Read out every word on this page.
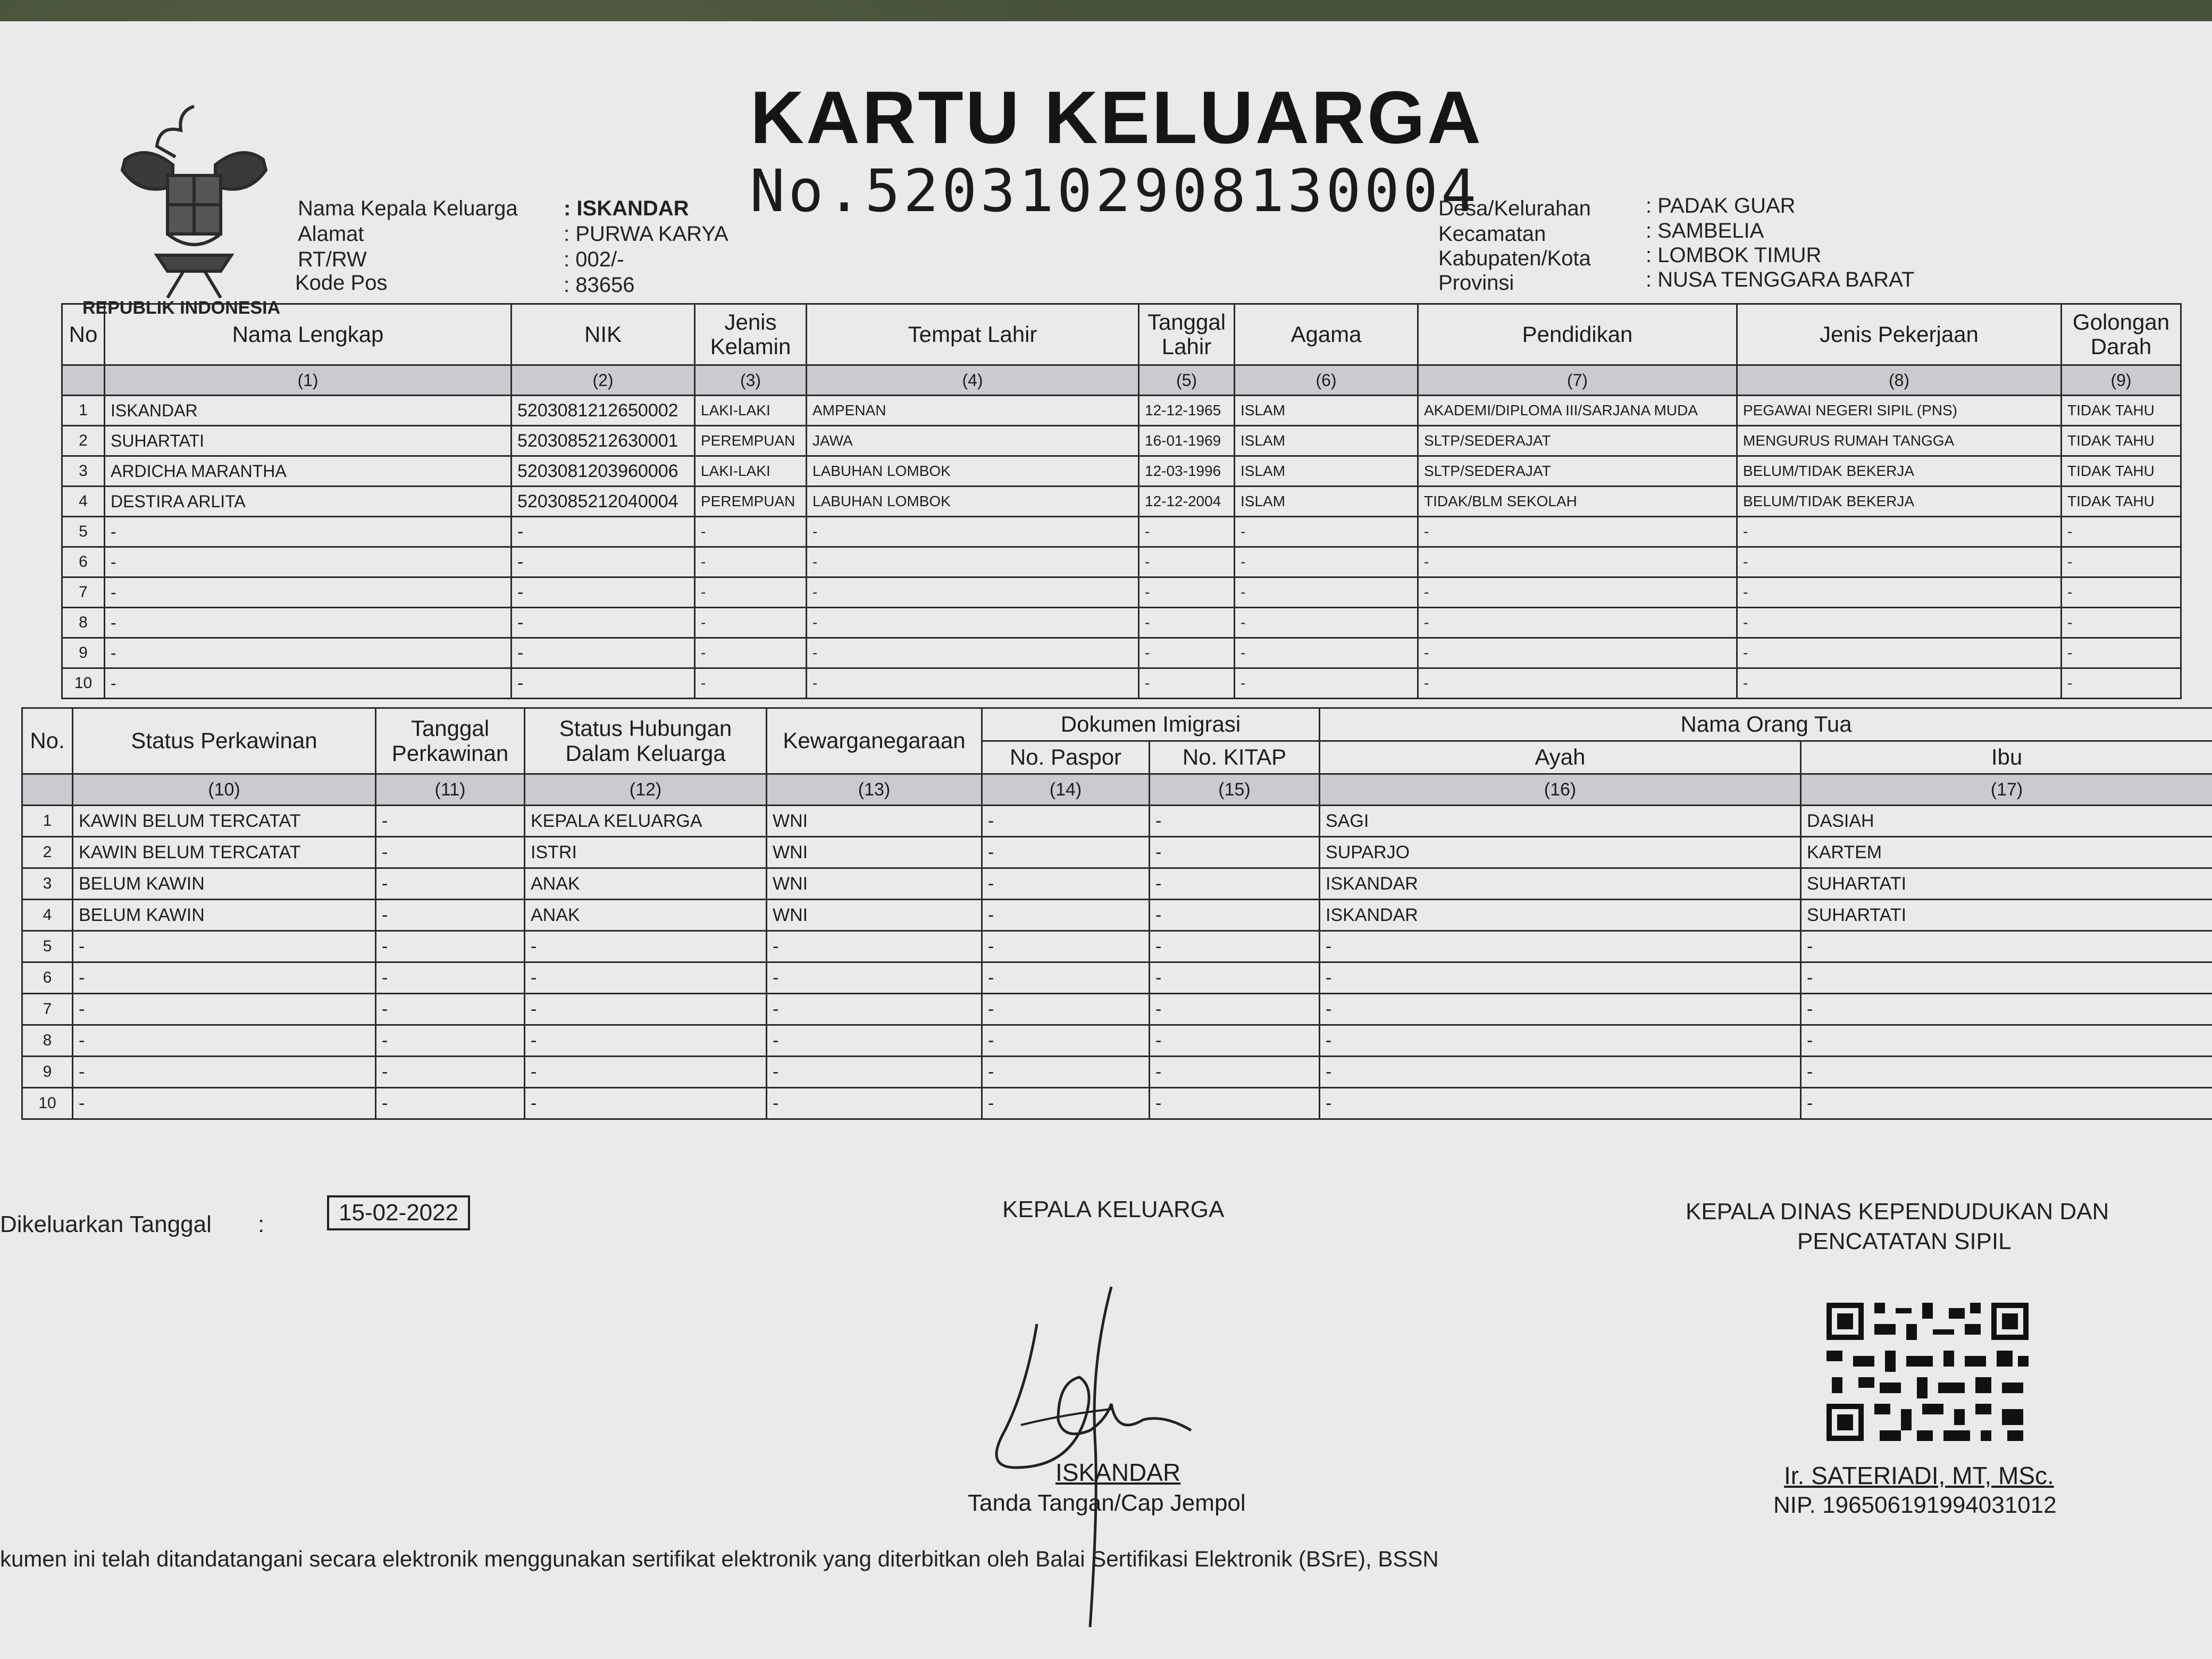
REPUBLIK INDONESIA
KARTU KELUARGA
No.5203102908130004
Nama Kepala Keluarga : ISKANDAR
Alamat	: PURWA KARYA
RT/RW	: 002/-
Kode Pos	: 83656
Desa/Kelurahan	: PADAK GUAR
Kecamatan	: SAMBELIA
Kabupaten/Kota	: LOMBOK TIMUR
Provinsi	: NUSA TENGGARA BARAT
No	Nama Lengkap	NIK	Jenis Kelamin	Tempat Lahir	Tanggal Lahir	Agama	Pendidikan	Jenis Pekerjaan	Golongan Darah
	(1)	(2)	(3)	(4)	(5)	(6)	(7)	(8)	(9)
1	ISKANDAR	5203081212650002	LAKI-LAKI	AMPENAN	12-12-1965	ISLAM	AKADEMI/DIPLOMA III/SARJANA MUDA	PEGAWAI NEGERI SIPIL (PNS)	TIDAK TAHU
2	SUHARTATI	5203085212630001	PEREMPUAN	JAWA	16-01-1969	ISLAM	SLTP/SEDERAJAT	MENGURUS RUMAH TANGGA	TIDAK TAHU
3	ARDICHA MARANTHA	5203081203960006	LAKI-LAKI	LABUHAN LOMBOK	12-03-1996	ISLAM	SLTP/SEDERAJAT	BELUM/TIDAK BEKERJA	TIDAK TAHU
4	DESTIRA ARLITA	5203085212040004	PEREMPUAN	LABUHAN LOMBOK	12-12-2004	ISLAM	TIDAK/BLM SEKOLAH	BELUM/TIDAK BEKERJA	TIDAK TAHU
5	-	-	-	-	-	-	-	-	-
6	-	-	-	-	-	-	-	-	-
7	-	-	-	-	-	-	-	-	-
8	-	-	-	-	-	-	-	-	-
9	-	-	-	-	-	-	-	-	-
10	-	-	-	-	-	-	-	-	-
No.	Status Perkawinan	Tanggal Perkawinan	Status Hubungan Dalam Keluarga	Kewarganegaraan	Dokumen Imigrasi		Nama Orang Tua	
					No. Paspor	No. KITAP	Ayah	Ibu
	(10)	(11)	(12)	(13)	(14)	(15)	(16)	(17)
1	KAWIN BELUM TERCATAT	-	KEPALA KELUARGA	WNI	-	-	SAGI	DASIAH
2	KAWIN BELUM TERCATAT	-	ISTRI	WNI	-	-	SUPARJO	KARTEM
3	BELUM KAWIN	-	ANAK	WNI	-	-	ISKANDAR	SUHARTATI
4	BELUM KAWIN	-	ANAK	WNI	-	-	ISKANDAR	SUHARTATI
5	-	-	-	-	-	-	-	-
6	-	-	-	-	-	-	-	-
7	-	-	-	-	-	-	-	-
8	-	-	-	-	-	-	-	-
9	-	-	-	-	-	-	-	-
10	-	-	-	-	-	-	-	-
Dikeluarkan Tanggal :	15-02-2022	KEPALA KELUARGA
ISKANDAR
Tanda Tangan/Cap Jempol
KEPALA DINAS KEPENDUDUKAN DAN
PENCATATAN SIPIL
Ir. SATERIADI, MT, MSc.
NIP. 196506191994031012
kumen ini telah ditandatangani secara elektronik menggunakan sertifikat elektronik yang diterbitkan oleh Balai Sertifikasi Elektronik (BSrE), BSSN
